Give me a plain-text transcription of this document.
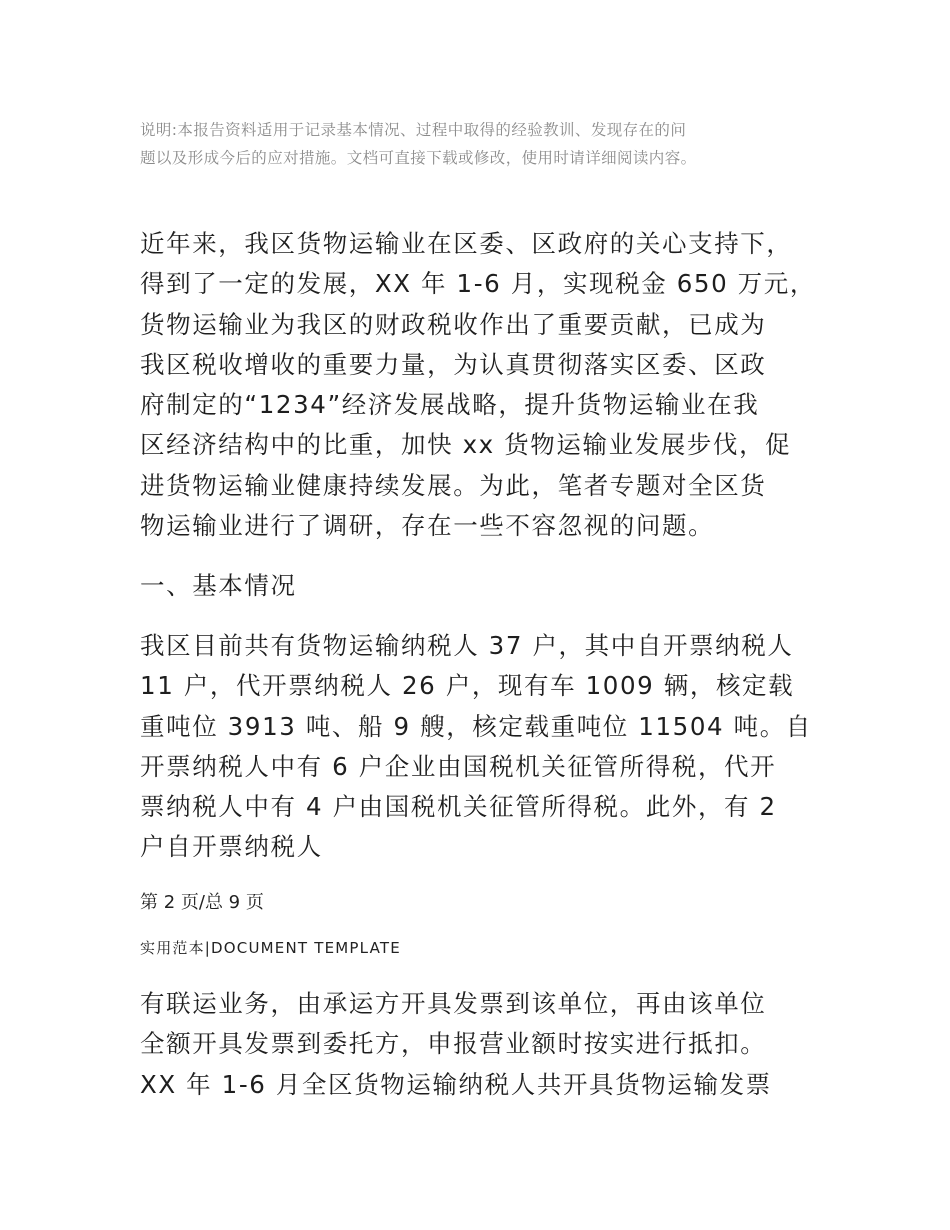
说明:本报告资料适用于记录基本情况、过程中取得的经验教训、发现存在的问

题以及形成今后的应对措施。文档可直接下载或修改，使用时请详细阅读内容。

近年来，我区货物运输业在区委、区政府的关心支持下，

得到了一定的发展，XX 年 1-6 月，实现税金 650 万元，

货物运输业为我区的财政税收作出了重要贡献，已成为

我区税收增收的重要力量，为认真贯彻落实区委、区政

府制定的“1234”经济发展战略，提升货物运输业在我

区经济结构中的比重，加快 xx 货物运输业发展步伐，促

进货物运输业健康持续发展。为此，笔者专题对全区货

物运输业进行了调研，存在一些不容忽视的问题。

一、基本情况

我区目前共有货物运输纳税人 37 户，其中自开票纳税人

11 户，代开票纳税人 26 户，现有车 1009 辆，核定载

重吨位 3913 吨、船 9 艘，核定载重吨位 11504 吨。自

开票纳税人中有 6 户企业由国税机关征管所得税，代开

票纳税人中有 4 户由国税机关征管所得税。此外，有 2

户自开票纳税人

第 2 页/总 9 页
实用范本|DOCUMENT TEMPLATE

有联运业务，由承运方开具发票到该单位，再由该单位

全额开具发票到委托方，申报营业额时按实进行抵扣。

XX 年 1-6 月全区货物运输纳税人共开具货物运输发票
